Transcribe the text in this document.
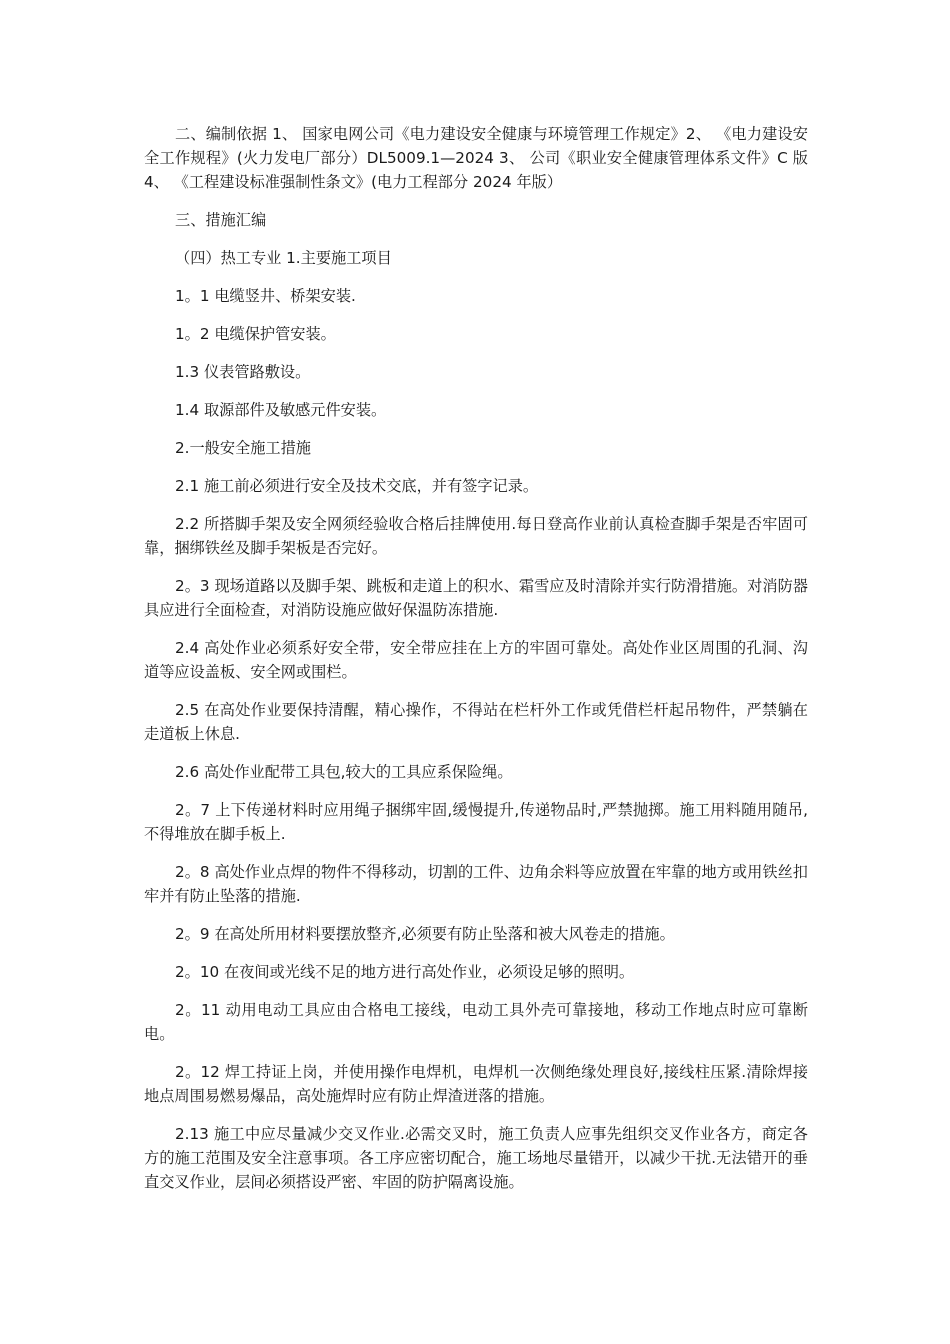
二、编制依据 1、 国家电网公司《电力建设安全健康与环境管理工作规定》2、 《电力建设安全工作规程》(火力发电厂部分）DL5009.1—2024 3、 公司《职业安全健康管理体系文件》C 版 4、 《工程建设标准强制性条文》(电力工程部分 2024 年版）

三、措施汇编

（四）热工专业 1.主要施工项目

1。1 电缆竖井、桥架安装.

1。2 电缆保护管安装。

1.3 仪表管路敷设。

1.4 取源部件及敏感元件安装。

2.一般安全施工措施

2.1 施工前必须进行安全及技术交底，并有签字记录。

2.2 所搭脚手架及安全网须经验收合格后挂牌使用.每日登高作业前认真检查脚手架是否牢固可靠，捆绑铁丝及脚手架板是否完好。

2。3 现场道路以及脚手架、跳板和走道上的积水、霜雪应及时清除并实行防滑措施。对消防器具应进行全面检查，对消防设施应做好保温防冻措施.

2.4 高处作业必须系好安全带，安全带应挂在上方的牢固可靠处。高处作业区周围的孔洞、沟道等应设盖板、安全网或围栏。

2.5 在高处作业要保持清醒，精心操作，不得站在栏杆外工作或凭借栏杆起吊物件，严禁躺在走道板上休息.

2.6 高处作业配带工具包,较大的工具应系保险绳。

2。7 上下传递材料时应用绳子捆绑牢固,缓慢提升,传递物品时,严禁抛掷。施工用料随用随吊,不得堆放在脚手板上.

2。8 高处作业点焊的物件不得移动，切割的工件、边角余料等应放置在牢靠的地方或用铁丝扣牢并有防止坠落的措施.

2。9 在高处所用材料要摆放整齐,必须要有防止坠落和被大风卷走的措施。

2。10 在夜间或光线不足的地方进行高处作业，必须设足够的照明。

2。11 动用电动工具应由合格电工接线，电动工具外壳可靠接地，移动工作地点时应可靠断电。

2。12 焊工持证上岗，并使用操作电焊机，电焊机一次侧绝缘处理良好,接线柱压紧.清除焊接地点周围易燃易爆品，高处施焊时应有防止焊渣迸落的措施。

2.13 施工中应尽量减少交叉作业.必需交叉时，施工负责人应事先组织交叉作业各方，商定各方的施工范围及安全注意事项。各工序应密切配合，施工场地尽量错开，以减少干扰.无法错开的垂直交叉作业，层间必须搭设严密、牢固的防护隔离设施。
